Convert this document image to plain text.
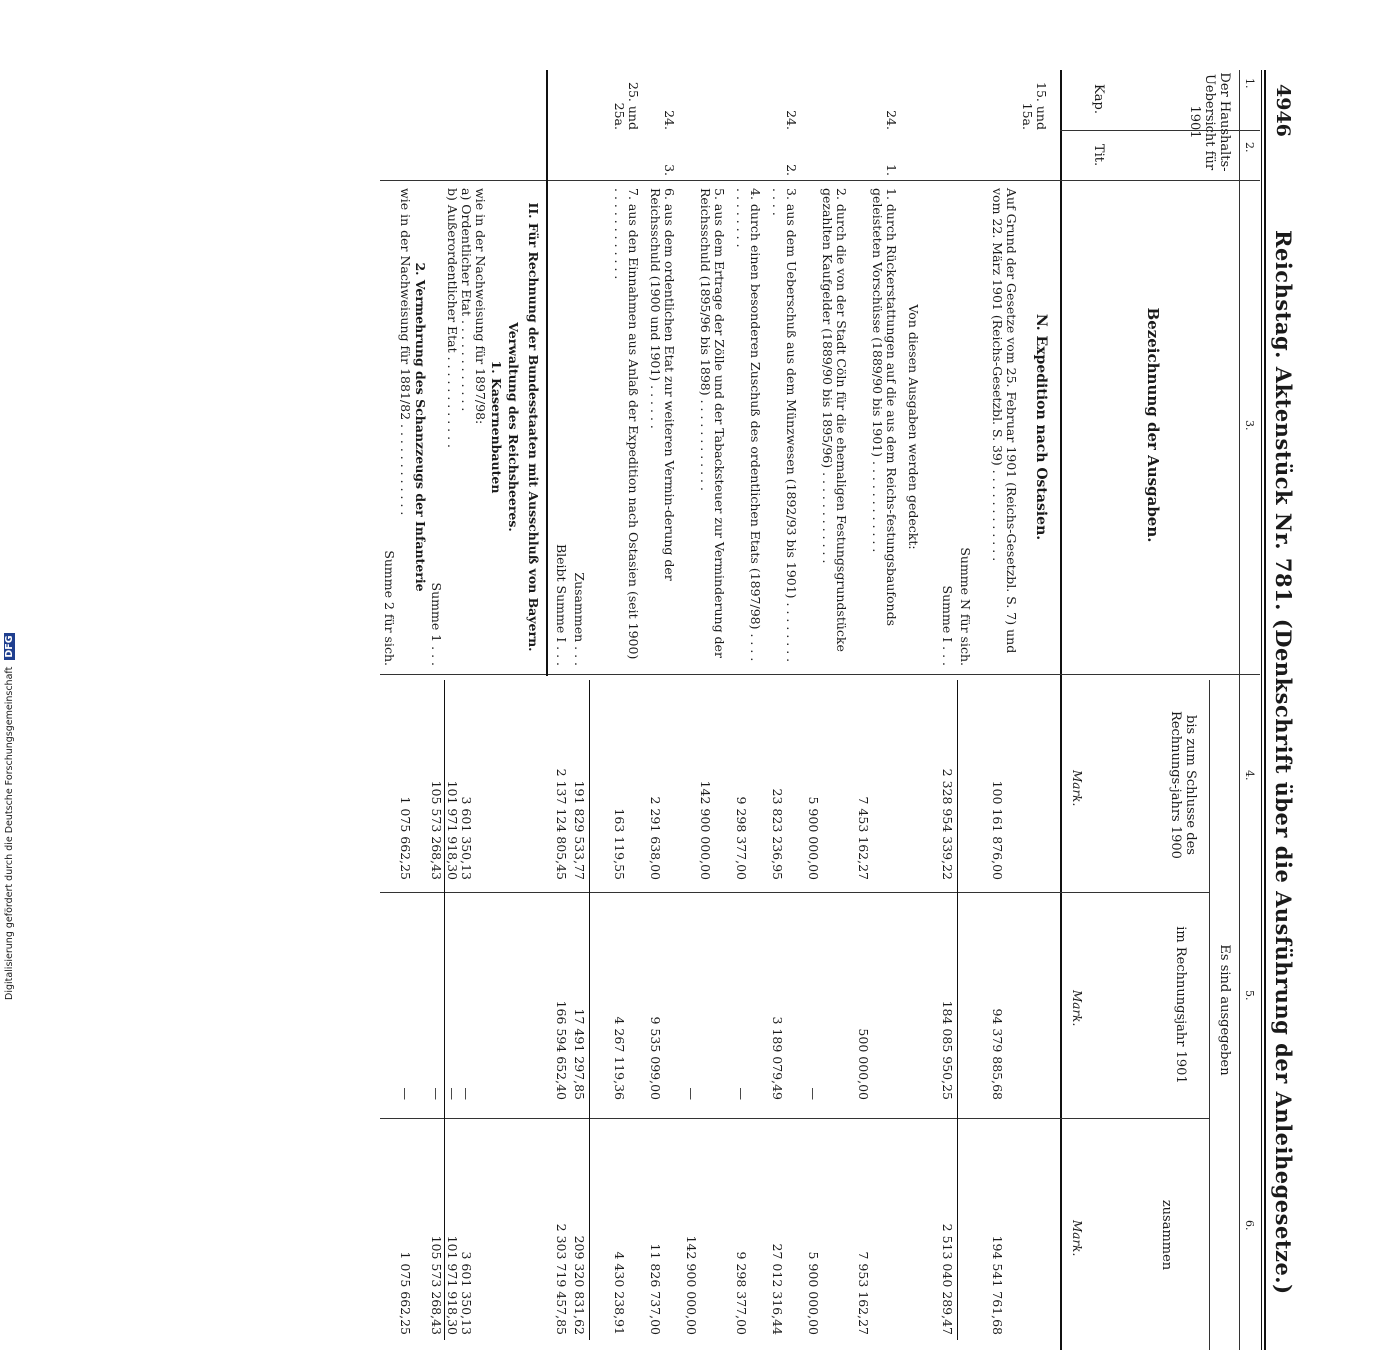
4946
Reichstag. Aktenstück Nr. 781. (Denkschrift über die Ausführung der Anleihegesetze.)
1.
2.
3.
4.
5.
6.
Der Haushalts-Uebersicht für 1901
Kap.
Tit.
Bezeichnung der Ausgaben.
Es sind ausgegeben
bis zum Schlusse des Rechnungs-jahrs 1900
im Rechnungsjahr 1901
zusammen
Mark.
Mark.
Mark.
15. und 15a.
N. Expedition nach Ostasien.
Auf Grund der Gesetze vom 25. Februar 1901 (Reichs-Gesetzbl. S. 7) und vom 22. März 1901 (Reichs-Gesetzbl. S. 39) . . . . . . . . . . . .
100 161 876,00
94 379 885,68
194 541 761,68
Summe N für sich.
Summe I . . .
2 328 954 339,22
184 085 950,25
2 513 040 289,47
Von diesen Ausgaben werden gedeckt:
24.
1.
1. durch Rückerstattungen auf die aus dem Reichs-festungsbaufonds geleisteten Vorschüsse (1889/90 bis 1901) . . . . . . . . . . . .
7 453 162,27
500 000,00
7 953 162,27
2. durch die von der Stadt Cöln für die ehemaligen Festungsgrundstücke gezahlten Kaufgelder (1889/90 bis 1895/96) . . . . . . . . . . . .
5 900 000,00
—
5 900 000,00
24.
2.
3. aus dem Ueberschuß aus dem Münzwesen (1892/93 bis 1901) . . . . . . . . . . . .
23 823 236,95
3 189 079,49
27 012 316,44
4. durch einen besonderen Zuschuß des ordentlichen Etats (1897/98) . . . . . . . . . . . .
9 298 377,00
—
9 298 377,00
5. aus dem Ertrage der Zölle und der Tabacksteuer zur Verminderung der Reichsschuld (1895/96 bis 1898) . . . . . . . . . . . .
142 900 000,00
—
142 900 000,00
24.
3.
6. aus dem ordentlichen Etat zur weiteren Vermin-derung der Reichsschuld (1900 und 1901) . . . . . .
2 291 638,00
9 535 099,00
11 826 737,00
25. und 25a.
7. aus den Einnahmen aus Anlaß der Expedition nach Ostasien (seit 1900) . . . . . . . . . . . .
163 119,55
4 267 119,36
4 430 238,91
Zusammen . . .
191 829 533,77
17 491 297,85
209 320 831,62
Bleibt Summe I . . .
2 137 124 805,45
166 594 652,40
2 303 719 457,85
II. Für Rechnung der Bundesstaaten mit Ausschluß von Bayern.
Verwaltung des Reichsheeres.
1. Kasernenbauten
wie in der Nachweisung für 1897/98:
a) Ordentlicher Etat . . . . . . . . . . . .
3 601 350,13
—
3 601 350,13
b) Außerordentlicher Etat . . . . . . . . . . . .
101 971 918,30
—
101 971 918,30
Summe 1 . . .
105 573 268,43
—
105 573 268,43
2. Vermehrung des Schanzzeugs der Infanterie
wie in der Nachweisung für 1881/82 . . . . . . . . . . . .
1 075 662,25
—
1 075 662,25
Summe 2 für sich.
Digitalisierung gefördert durch die Deutsche Forschungsgemeinschaft DFG
